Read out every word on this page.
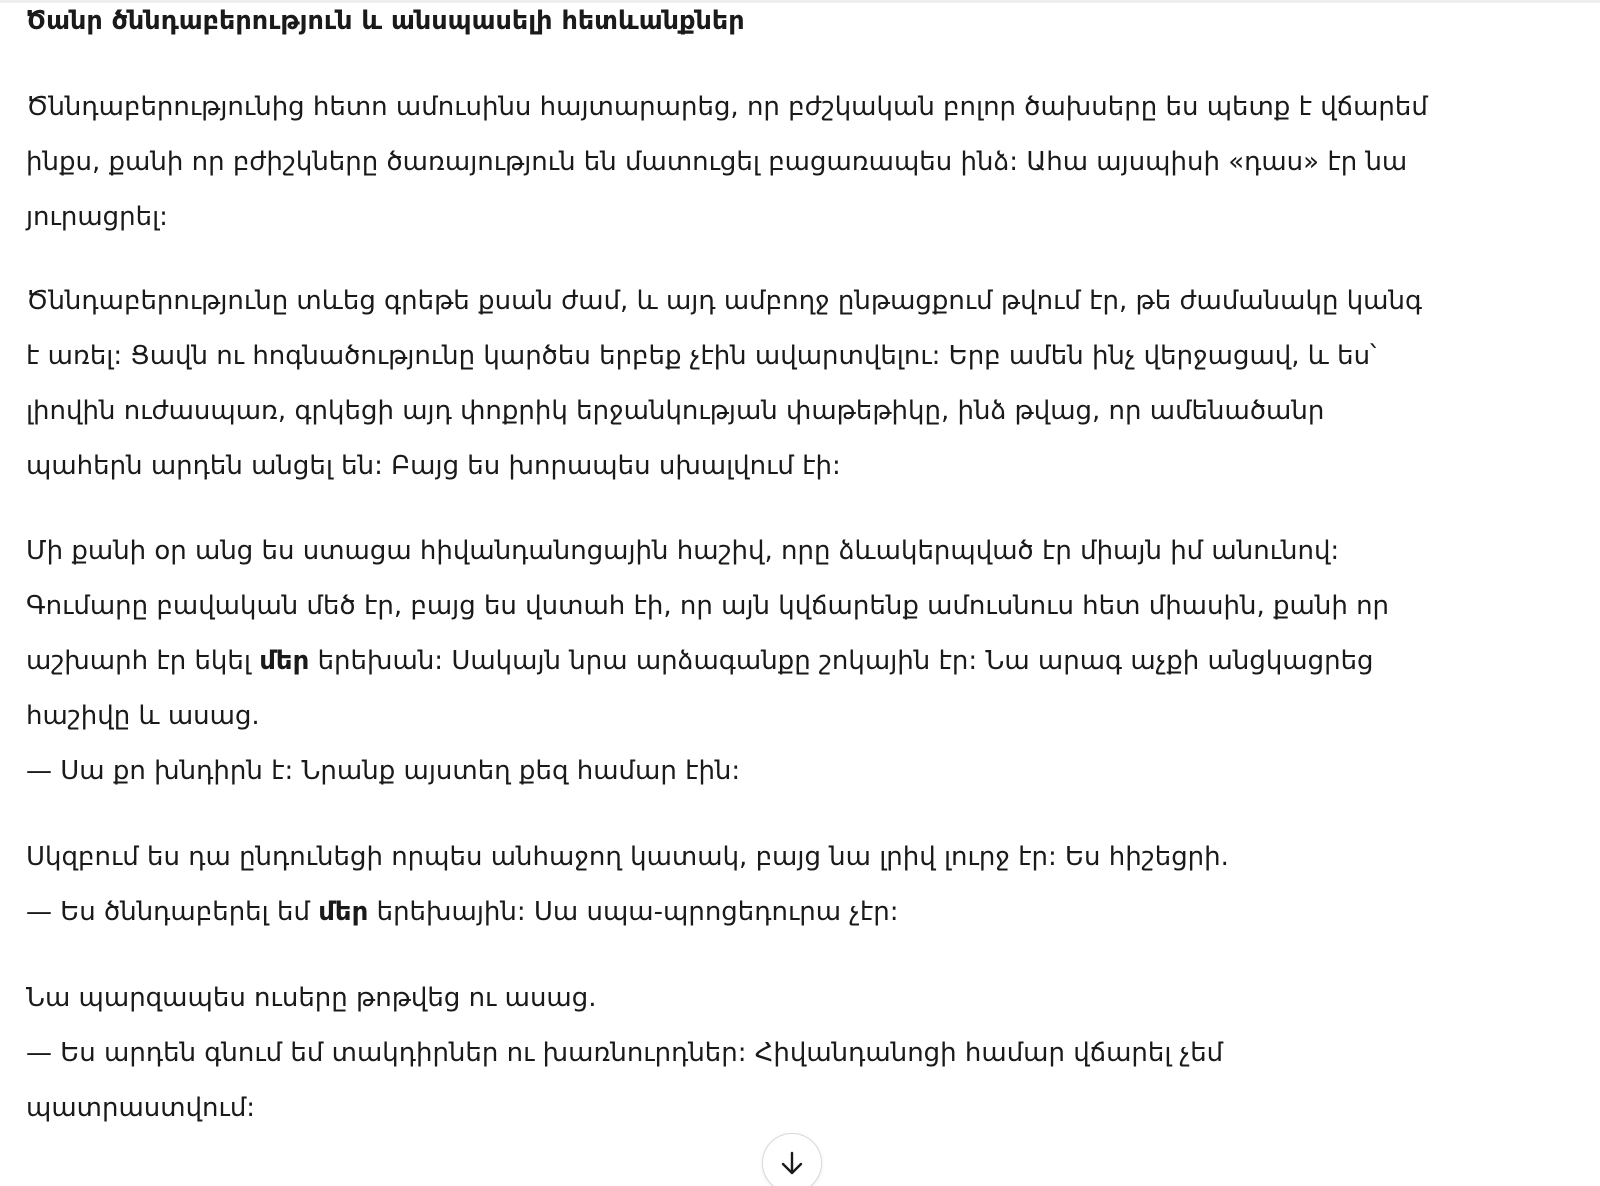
Ծանր ծննդաբերություն և անսպասելի հետևանքներ

Ծննդաբերությունից հետո ամուսինս հայտարարեց, որ բժշկական բոլոր ծախսերը ես պետք է վճարեմ
ինքս, քանի որ բժիշկները ծառայություն են մատուցել բացառապես ինձ: Ահա այսպիսի «դաս» էր նա
յուրացրել:

Ծննդաբերությունը տևեց գրեթե քսան ժամ, և այդ ամբողջ ընթացքում թվում էր, թե ժամանակը կանգ
է առել: Ցավն ու հոգնածությունը կարծես երբեք չէին ավարտվելու: Երբ ամեն ինչ վերջացավ, և ես՝
լիովին ուժասպառ, գրկեցի այդ փոքրիկ երջանկության փաթեթիկը, ինձ թվաց, որ ամենածանր
պահերն արդեն անցել են: Բայց ես խորապես սխալվում էի:

Մի քանի օր անց ես ստացա հիվանդանոցային հաշիվ, որը ձևակերպված էր միայն իմ անունով:
Գումարը բավական մեծ էր, բայց ես վստահ էի, որ այն կվճարենք ամուսնուս հետ միասին, քանի որ
աշխարհ էր եկել մեր երեխան: Սակայն նրա արձագանքը շոկային էր: Նա արագ աչքի անցկացրեց
հաշիվը և ասաց.
— Սա քո խնդիրն է: Նրանք այստեղ քեզ համար էին:

Սկզբում ես դա ընդունեցի որպես անհաջող կատակ, բայց նա լրիվ լուրջ էր: Ես հիշեցրի.
— Ես ծննդաբերել եմ մեր երեխային: Սա սպա-պրոցեդուրա չէր:

Նա պարզապես ուսերը թոթվեց ու ասաց.
— Ես արդեն գնում եմ տակդիրներ ու խառնուրդներ: Հիվանդանոցի համար վճարել չեմ
պատրաստվում:
